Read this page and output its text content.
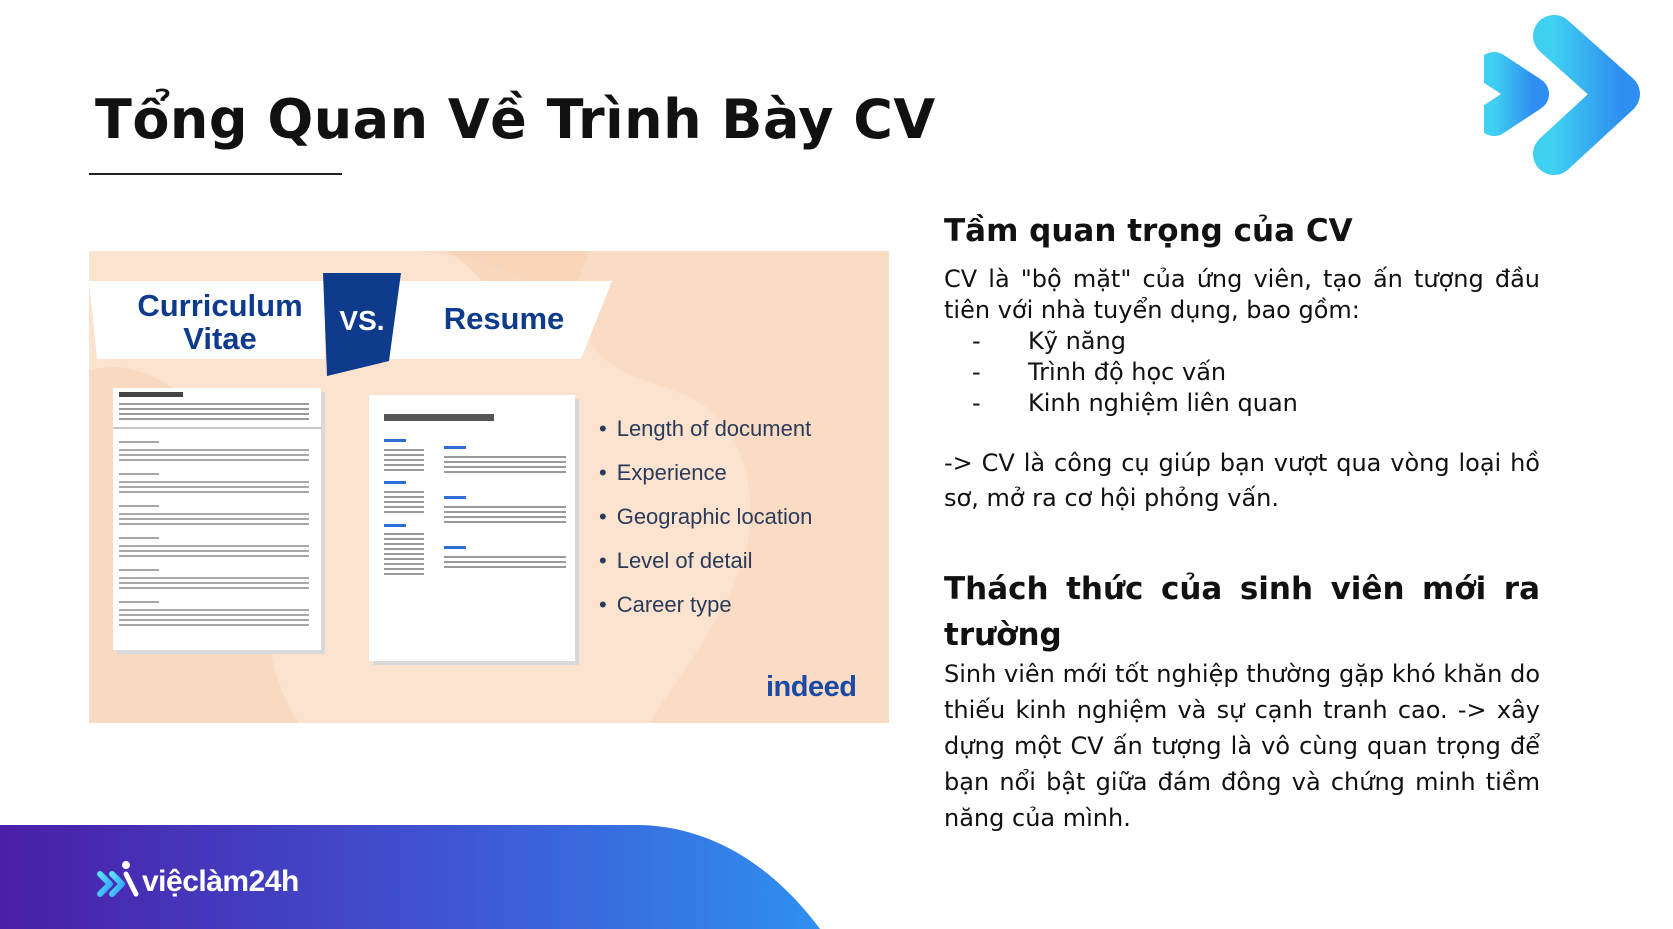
Tổng Quan Về Trình Bày CV
Curriculum
Vitae
VS.	Resume
• Length of document
• Experience
• Geographic location
• Level of detail
• Career type
indeed
Tầm quan trọng của CV
CV là "bộ mặt" của ứng viên, tạo ấn tượng đầu tiên với nhà tuyển dụng, bao gồm:
- Kỹ năng
- Trình độ học vấn
- Kinh nghiệm liên quan
-> CV là công cụ giúp bạn vượt qua vòng loại hồ sơ, mở ra cơ hội phỏng vấn.
Thách thức của sinh viên mới ra trường
Sinh viên mới tốt nghiệp thường gặp khó khăn do thiếu kinh nghiệm và sự cạnh tranh cao. -> xây dựng một CV ấn tượng là vô cùng quan trọng để bạn nổi bật giữa đám đông và chứng minh tiềm năng của mình.
việclàm24h
